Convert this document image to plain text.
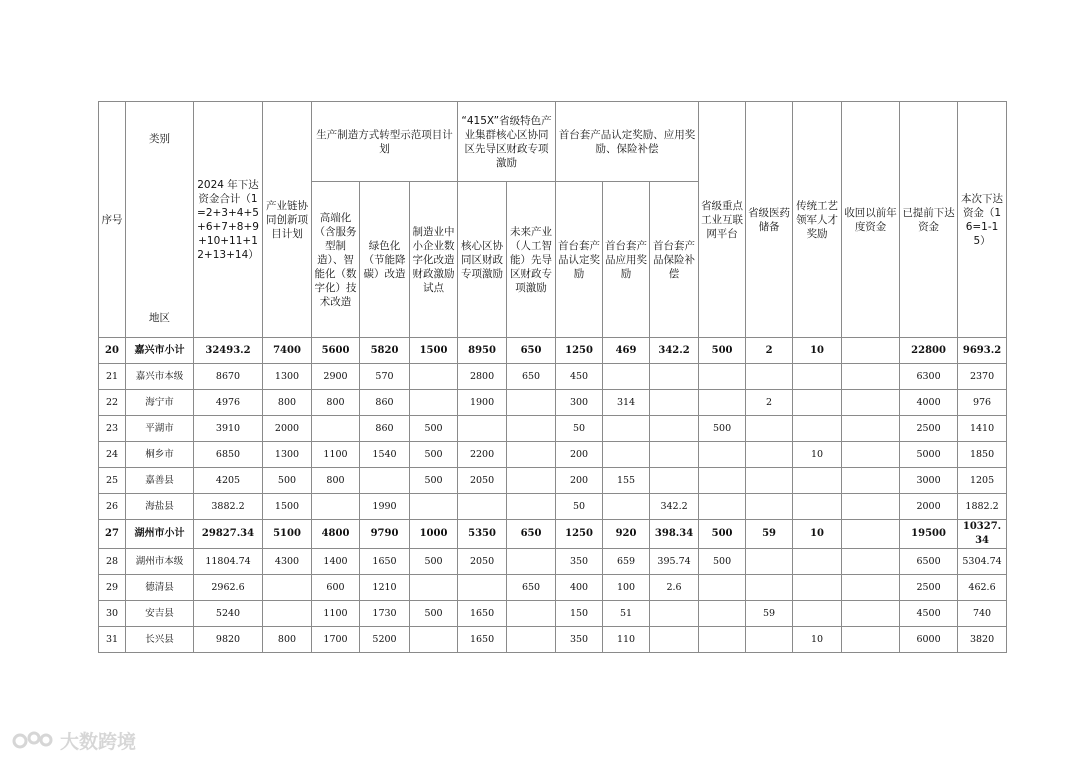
序号	类别
地区	2024 年下达资金合计（1=2+3+4+5+6+7+8+9+10+11+12+13+14）	产业链协同创新项目计划	生产制造方式转型示范项目计划			“415X”省级特色产业集群核心区协同区先导区财政专项激励		首台套产品认定奖励、应用奖励、保险补偿			省级重点工业互联网平台	省级医药储备	传统工艺领军人才奖励	收回以前年度资金	已提前下达资金	本次下达资金（16=1-15）
				高端化（含服务型制造）、智能化（数字化）技术改造	绿色化（节能降碳）改造	制造业中小企业数字化改造财政激励试点	核心区协同区财政专项激励	未来产业（人工智能）先导区财政专项激励	首台套产品认定奖励	首台套产品应用奖励	首台套产品保险补偿						
20	嘉兴市小计	32493.2	7400	5600	5820	1500	8950	650	1250	469	342.2	500	2	10		22800	9693.2
21	嘉兴市本级	8670	1300	2900	570		2800	650	450							6300	2370
22	海宁市	4976	800	800	860		1900		300	314			2			4000	976
23	平湖市	3910	2000		860	500			50			500				2500	1410
24	桐乡市	6850	1300	1100	1540	500	2200		200					10		5000	1850
25	嘉善县	4205	500	800		500	2050		200	155						3000	1205
26	海盐县	3882.2	1500		1990				50		342.2					2000	1882.2
27	湖州市小计	29827.34	5100	4800	9790	1000	5350	650	1250	920	398.34	500	59	10		19500	10327.34
28	湖州市本级	11804.74	4300	1400	1650	500	2050		350	659	395.74	500				6500	5304.74
29	德清县	2962.6		600	1210			650	400	100	2.6					2500	462.6
30	安吉县	5240		1100	1730	500	1650		150	51			59			4500	740
31	长兴县	9820	800	1700	5200		1650		350	110				10		6000	3820
大数跨境
